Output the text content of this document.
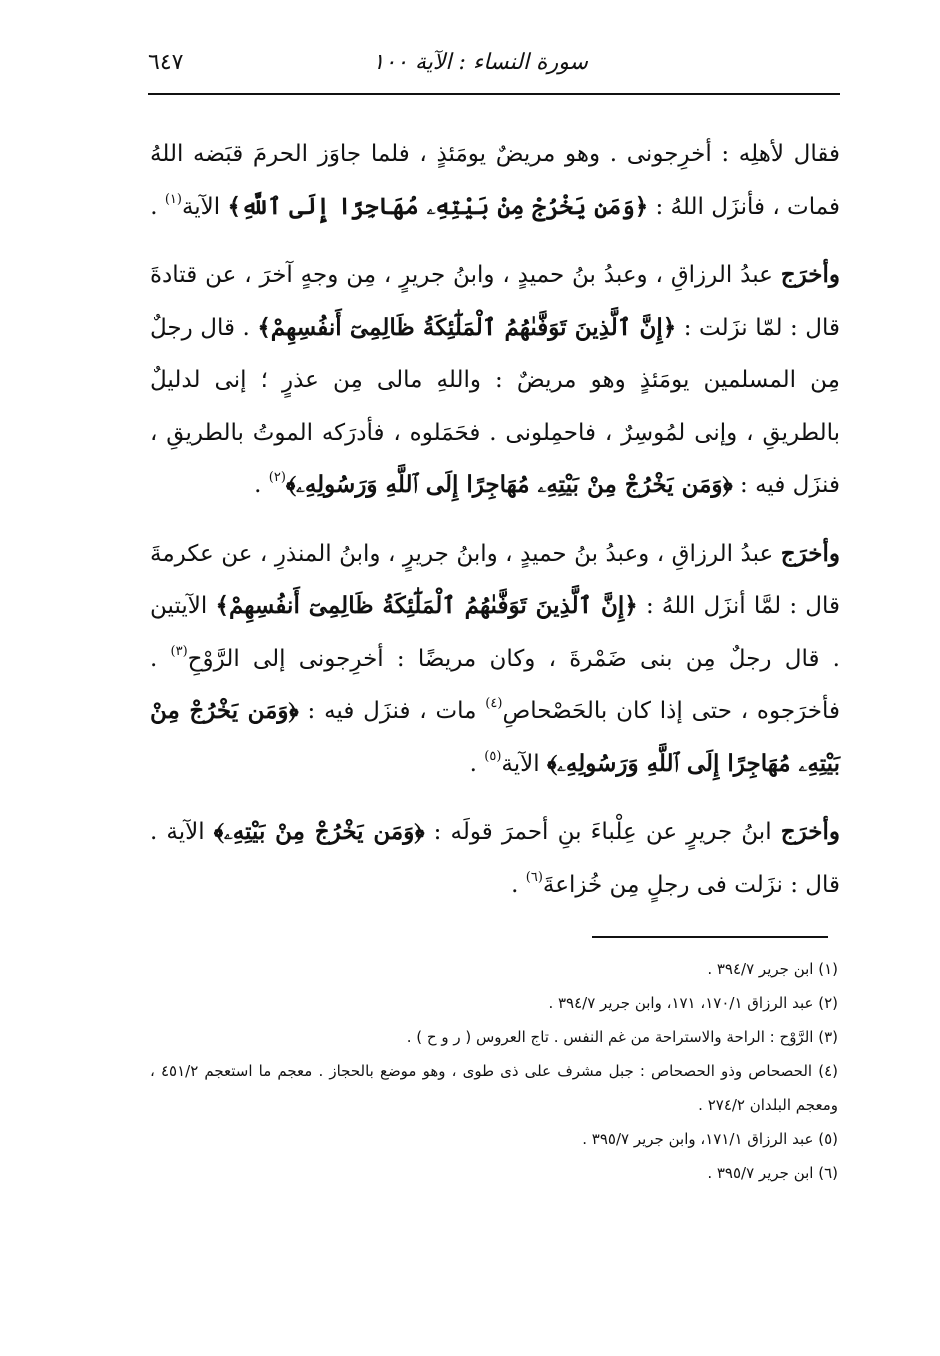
سورة النساء : الآية ١٠٠
٦٤٧

فقال لأهلِه : أخرِجونى . وهو مريضٌ يومَئذٍ ، فلما جاوَز الحرمَ قبَضه اللهُ فمات ، فأنزَل اللهُ : ﴿وَمَن يَخْرُجْ مِنْ بَيْتِهِۦ مُهَاجِرًا إِلَى ٱللَّهِ﴾ الآية$^{(١)}$ .

وأخرَج عبدُ الرزاقِ ، وعبدُ بنُ حميدٍ ، وابنُ جريرٍ ، مِن وجهٍ آخرَ ، عن قتادةَ قال : لمّا نزَلت : ﴿إِنَّ ٱلَّذِينَ تَوَفَّىٰهُمُ ٱلْمَلَٰٓئِكَةُ ظَالِمِىٓ أَنفُسِهِمْ﴾ . قال رجلٌ مِن المسلمين يومَئذٍ وهو مريضٌ : واللهِ مالى مِن عذرٍ ؛ إنى لدليلٌ بالطريقِ ، وإنى لمُوسِرٌ ، فاحمِلونى . فحَمَلوه ، فأدرَكه الموتُ بالطريقِ ، فنزَل فيه : ﴿وَمَن يَخْرُجْ مِنْ بَيْتِهِۦ مُهَاجِرًا إِلَى ٱللَّهِ وَرَسُولِهِۦ﴾$^{(٢)}$ .

وأخرَج عبدُ الرزاقِ ، وعبدُ بنُ حميدٍ ، وابنُ جريرٍ ، وابنُ المنذرِ ، عن عكرمةَ قال : لمَّا أنزَل اللهُ : ﴿إِنَّ ٱلَّذِينَ تَوَفَّىٰهُمُ ٱلْمَلَٰٓئِكَةُ ظَالِمِىٓ أَنفُسِهِمْ﴾ الآيتين . قال رجلٌ مِن بنى ضَمْرةَ ، وكان مريضًا : أخرِجونى إلى الرَّوْحِ$^{(٣)}$ . فأخرَجوه ، حتى إذا كان بالحَصْحاصِ$^{(٤)}$ مات ، فنزَل فيه : ﴿وَمَن يَخْرُجْ مِنْ بَيْتِهِۦ مُهَاجِرًا إِلَى ٱللَّهِ وَرَسُولِهِۦ﴾ الآية$^{(٥)}$ .

وأخرَج ابنُ جريرٍ عن عِلْباءَ بنِ أحمرَ قولَه : ﴿وَمَن يَخْرُجْ مِنْ بَيْتِهِۦ﴾ الآية . قال : نزَلت فى رجلٍ مِن خُزاعةَ$^{(٦)}$ .

(١) ابن جرير ٣٩٤/٧ .

(٢) عبد الرزاق ١٧٠/١، ١٧١، وابن جرير ٣٩٤/٧ .

(٣) الرَّوْح : الراحة والاستراحة من غم النفس . تاج العروس ( ر و ح ) .

(٤) الحصحاص وذو الحصحاص : جبل مشرف على ذى طوى ، وهو موضع بالحجاز . معجم ما استعجم ٤٥١/٢ ، ومعجم البلدان ٢٧٤/٢ .

(٥) عبد الرزاق ١٧١/١، وابن جرير ٣٩٥/٧ .

(٦) ابن جرير ٣٩٥/٧ .
